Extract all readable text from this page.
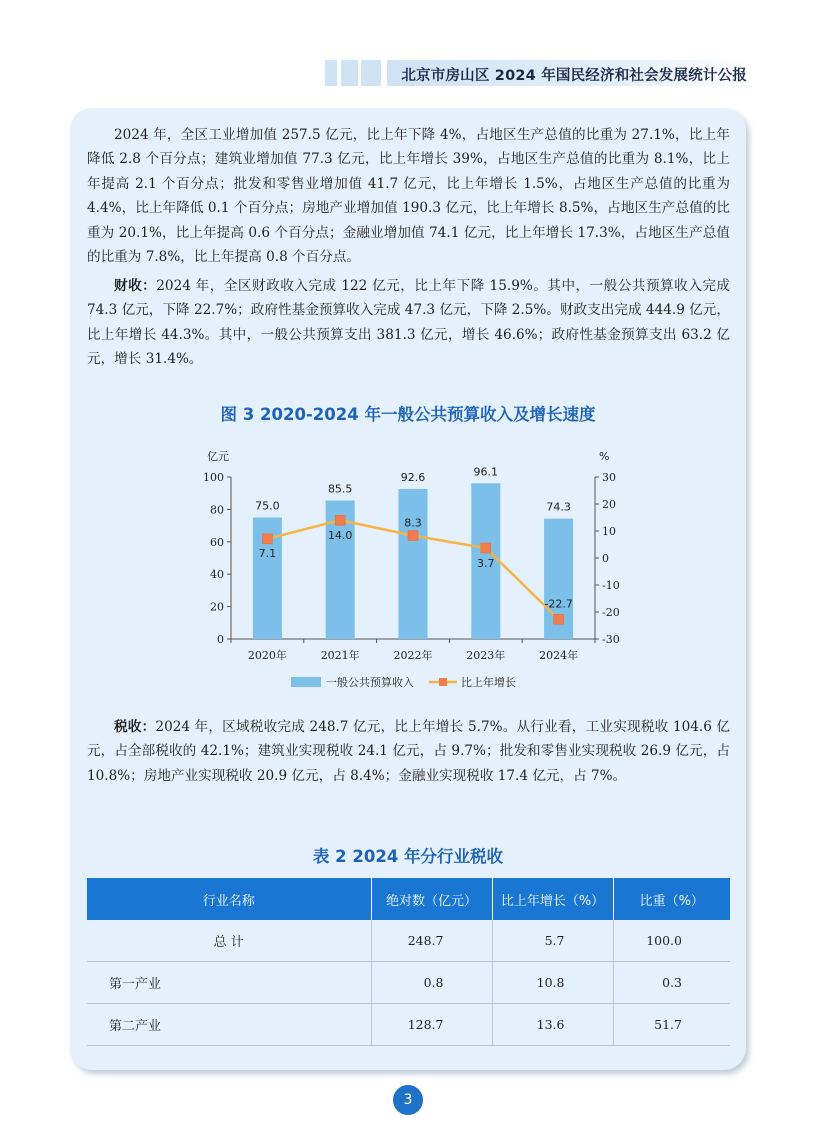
北京市房山区 2024 年国民经济和社会发展统计公报

2024 年，全区工业增加值 257.5 亿元，比上年下降 4%，占地区生产总值的比重为 27.1%，比上年降低 2.8 个百分点；建筑业增加值 77.3 亿元，比上年增长 39%，占地区生产总值的比重为 8.1%，比上年提高 2.1 个百分点；批发和零售业增加值 41.7 亿元，比上年增长 1.5%，占地区生产总值的比重为 4.4%，比上年降低 0.1 个百分点；房地产业增加值 190.3 亿元，比上年增长 8.5%，占地区生产总值的比重为 20.1%，比上年提高 0.6 个百分点；金融业增加值 74.1 亿元，比上年增长 17.3%，占地区生产总值的比重为 7.8%，比上年提高 0.8 个百分点。

财收：2024 年，全区财政收入完成 122 亿元，比上年下降 15.9%。其中，一般公共预算收入完成 74.3 亿元，下降 22.7%；政府性基金预算收入完成 47.3 亿元，下降 2.5%。财政支出完成 444.9 亿元，比上年增长 44.3%。其中，一般公共预算支出 381.3 亿元，增长 46.6%；政府性基金预算支出 63.2 亿元，增长 31.4%。

图 3 2020-2024 年一般公共预算收入及增长速度
0
20
40
60
80
100
-30
-20
-10
0
10
20
30
2020年	2021年	2022年	2023年	2024年
亿元	%
75.0
85.5
92.6	96.1
74.3
7.1
14.0
8.3
3.7
-22.7
一般公共预算收入	比上年增长

税收：2024 年，区域税收完成 248.7 亿元，比上年增长 5.7%。从行业看，工业实现税收 104.6 亿元，占全部税收的 42.1%；建筑业实现税收 24.1 亿元，占 9.7%；批发和零售业实现税收 26.9 亿元，占 10.8%；房地产业实现税收 20.9 亿元，占 8.4%；金融业实现税收 17.4 亿元，占 7%。

表 2 2024 年分行业税收
行业名称	绝对数（亿元）	比上年增长（%）	比重（%）
总 计	248.7	5.7	100.0
第一产业	0.8	10.8	0.3
第二产业	128.7	13.6	51.7
3
